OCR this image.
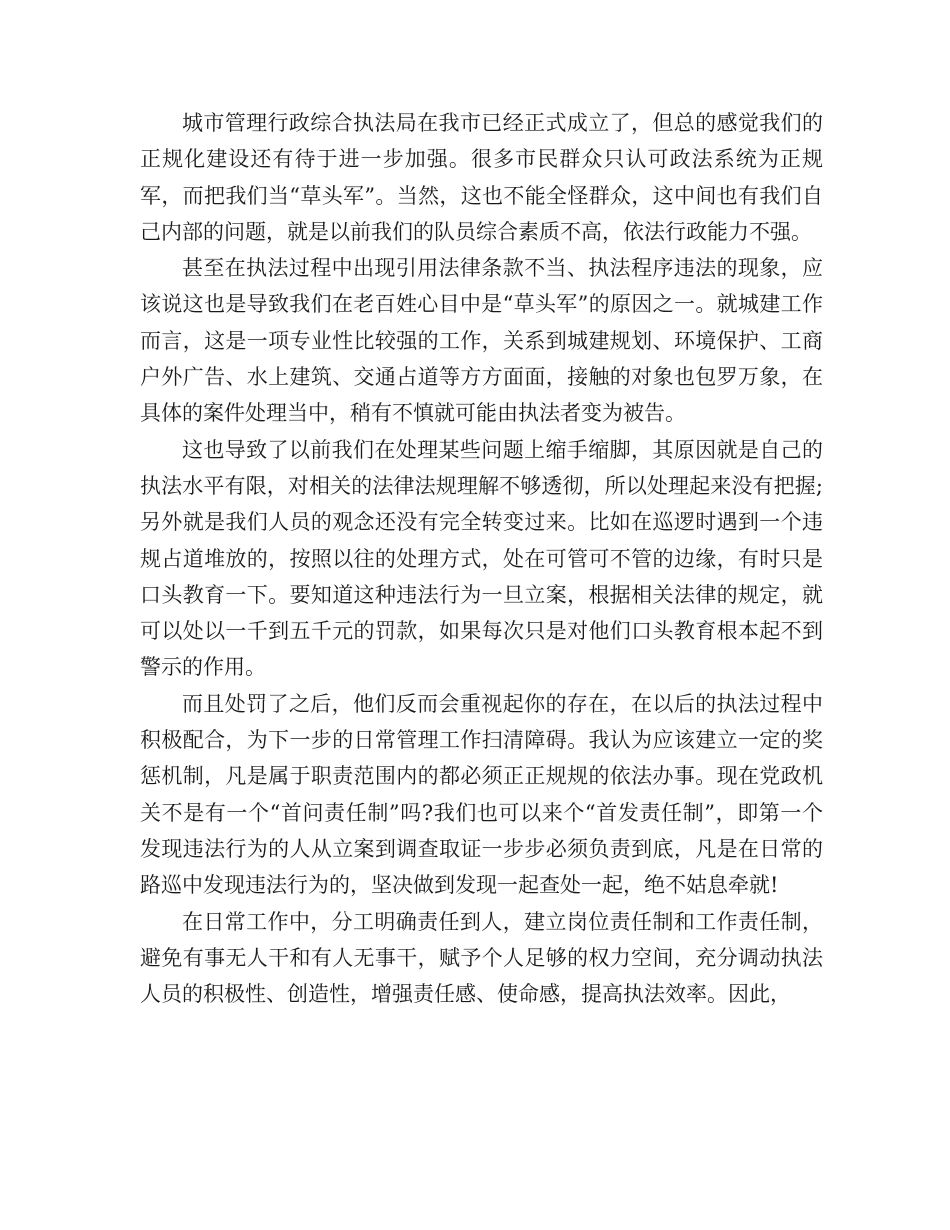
城市管理行政综合执法局在我市已经正式成立了，但总的感觉我们的正规化建设还有待于进一步加强。很多市民群众只认可政法系统为正规军，而把我们当“草头军”。当然，这也不能全怪群众，这中间也有我们自己内部的问题，就是以前我们的队员综合素质不高，依法行政能力不强。

甚至在执法过程中出现引用法律条款不当、执法程序违法的现象，应该说这也是导致我们在老百姓心目中是“草头军”的原因之一。就城建工作而言，这是一项专业性比较强的工作，关系到城建规划、环境保护、工商户外广告、水上建筑、交通占道等方方面面，接触的对象也包罗万象，在具体的案件处理当中，稍有不慎就可能由执法者变为被告。

这也导致了以前我们在处理某些问题上缩手缩脚，其原因就是自己的执法水平有限，对相关的法律法规理解不够透彻，所以处理起来没有把握;另外就是我们人员的观念还没有完全转变过来。比如在巡逻时遇到一个违规占道堆放的，按照以往的处理方式，处在可管可不管的边缘，有时只是口头教育一下。要知道这种违法行为一旦立案，根据相关法律的规定，就可以处以一千到五千元的罚款，如果每次只是对他们口头教育根本起不到警示的作用。

而且处罚了之后，他们反而会重视起你的存在，在以后的执法过程中积极配合，为下一步的日常管理工作扫清障碍。我认为应该建立一定的奖惩机制，凡是属于职责范围内的都必须正正规规的依法办事。现在党政机关不是有一个“首问责任制”吗?我们也可以来个“首发责任制”，即第一个发现违法行为的人从立案到调查取证一步步必须负责到底，凡是在日常的路巡中发现违法行为的，坚决做到发现一起查处一起，绝不姑息牵就!

在日常工作中，分工明确责任到人，建立岗位责任制和工作责任制，避免有事无人干和有人无事干，赋予个人足够的权力空间，充分调动执法人员的积极性、创造性，增强责任感、使命感，提高执法效率。因此，
